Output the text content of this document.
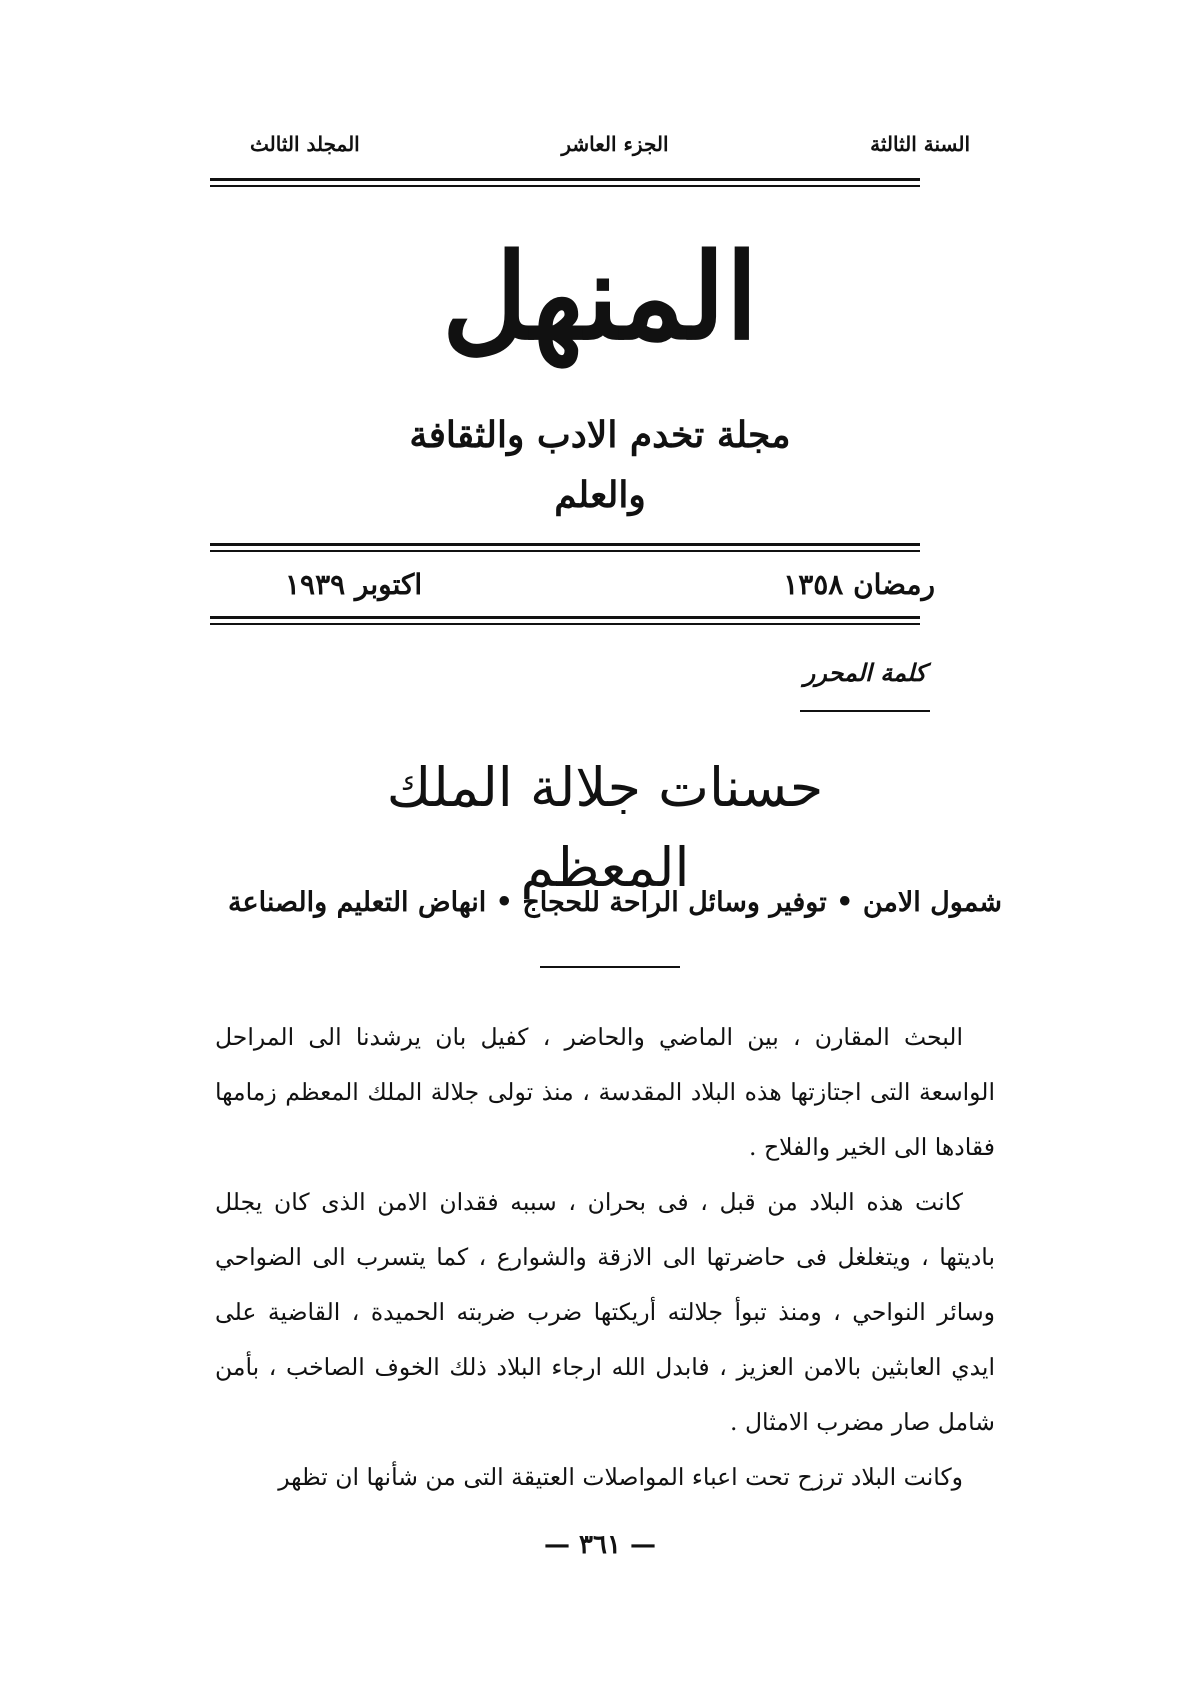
السنة الثالثة
الجزء العاشر
المجلد الثالث
المنهل
مجلة تخدم الادب والثقافة والعلم
رمضان ١٣٥٨
اكتوبر ١٩٣٩
كلمة المحرر
حسنات جلالة الملك المعظم
شمول الامن • توفير وسائل الراحة للحجاج • انهاض التعليم والصناعة

البحث المقارن ، بين الماضي والحاضر ، كفيل بان يرشدنا الى المراحل الواسعة التى اجتازتها هذه البلاد المقدسة ، منذ تولى جلالة الملك المعظم زمامها فقادها الى الخير والفلاح .

كانت هذه البلاد من قبل ، فى بحران ، سببه فقدان الامن الذى كان يجلل باديتها ، ويتغلغل فى حاضرتها الى الازقة والشوارع ، كما يتسرب الى الضواحي وسائر النواحي ، ومنذ تبوأ جلالته أريكتها ضرب ضربته الحميدة ، القاضية على ايدي العابثين بالامن العزيز ، فابدل الله ارجاء البلاد ذلك الخوف الصاخب ، بأمن شامل صار مضرب الامثال .

وكانت البلاد ترزح تحت اعباء المواصلات العتيقة التى من شأنها ان تظهر

— ٣٦١ —
